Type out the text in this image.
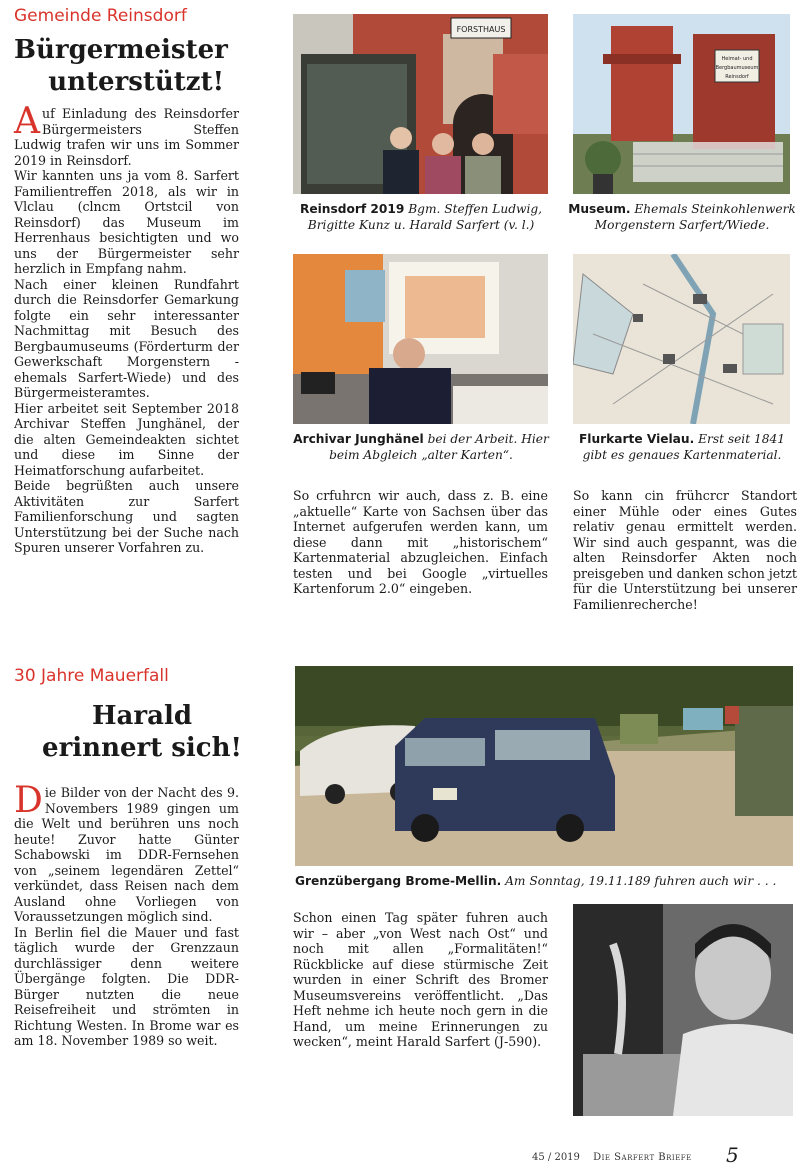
Gemeinde Reinsdorf
Bürgermeister
unterstützt!

Auf Einladung des Reinsdorfer Bürgermeisters Steffen Ludwig trafen wir uns im Sommer 2019 in Reinsdorf.

Wir kannten uns ja vom 8. Sarfert Familientreffen 2018, als wir in Vlclau (clncm Ortstcil von Reinsdorf) das Museum im Herrenhaus besichtigten und wo uns der Bürgermeister sehr herzlich in Empfang nahm.

Nach einer kleinen Rundfahrt durch die Reinsdorfer Gemarkung folgte ein sehr interessanter Nachmittag mit Besuch des Bergbaumuseums (Förderturm der Gewerkschaft Morgenstern - ehemals Sarfert-Wiede) und des Bürgermeisteramtes.

Hier arbeitet seit September 2018 Archivar Steffen Junghänel, der die alten Gemeindeakten sichtet und diese im Sinne der Heimatforschung aufarbeitet.

Beide begrüßten auch unsere Aktivitäten zur Sarfert Familienforschung und sagten Unterstützung bei der Suche nach Spuren unserer Vorfahren zu.

FORSTHAUS
Reinsdorf 2019 Bgm. Steffen Ludwig, Brigitte Kunz u. Harald Sarfert (v. l.)
Heimat- und
Bergbaumuseum
Reinsdorf
Museum. Ehemals Steinkohlenwerk Morgenstern Sarfert/Wiede.
Archivar Junghänel bei der Arbeit. Hier beim Abgleich „alter Karten“.
Flurkarte Vielau. Erst seit 1841 gibt es genaues Kartenmaterial.

So crfuhrcn wir auch, dass z. B. eine „aktuelle“ Karte von Sachsen über das Internet aufgerufen werden kann, um diese dann mit „historischem“ Kartenmaterial abzugleichen. Einfach testen und bei Google „virtuelles Kartenforum 2.0“ eingeben.

So kann cin frühcrcr Standort einer Mühle oder eines Gutes relativ genau ermittelt werden. Wir sind auch gespannt, was die alten Reinsdorfer Akten noch preisgeben und danken schon jetzt für die Unterstützung bei unserer Familienrecherche!

30 Jahre Mauerfall
Harald
erinnert sich!

Die Bilder von der Nacht des 9. Novembers 1989 gingen um die Welt und berühren uns noch heute! Zuvor hatte Günter Schabowski im DDR-Fernsehen von „seinem legendären Zettel“ verkündet, dass Reisen nach dem Ausland ohne Vorliegen von Voraussetzungen möglich sind.

In Berlin fiel die Mauer und fast täglich wurde der Grenzzaun durchlässiger denn weitere Übergänge folgten. Die DDR-Bürger nutzten die neue Reisefreiheit und strömten in Richtung Westen. In Brome war es am 18. November 1989 so weit.

Grenzübergang Brome-Mellin. Am Sonntag, 19.11.189 fuhren auch wir . . .

Schon einen Tag später fuhren auch wir – aber „von West nach Ost“ und noch mit allen „Formalitäten!“ Rückblicke auf diese stürmische Zeit wurden in einer Schrift des Bromer Museumsvereins veröffentlicht. „Das Heft nehme ich heute noch gern in die Hand, um meine Erinnerungen zu wecken“, meint Harald Sarfert (J-590).

45 / 2019 Die Sarfert Briefe	5
